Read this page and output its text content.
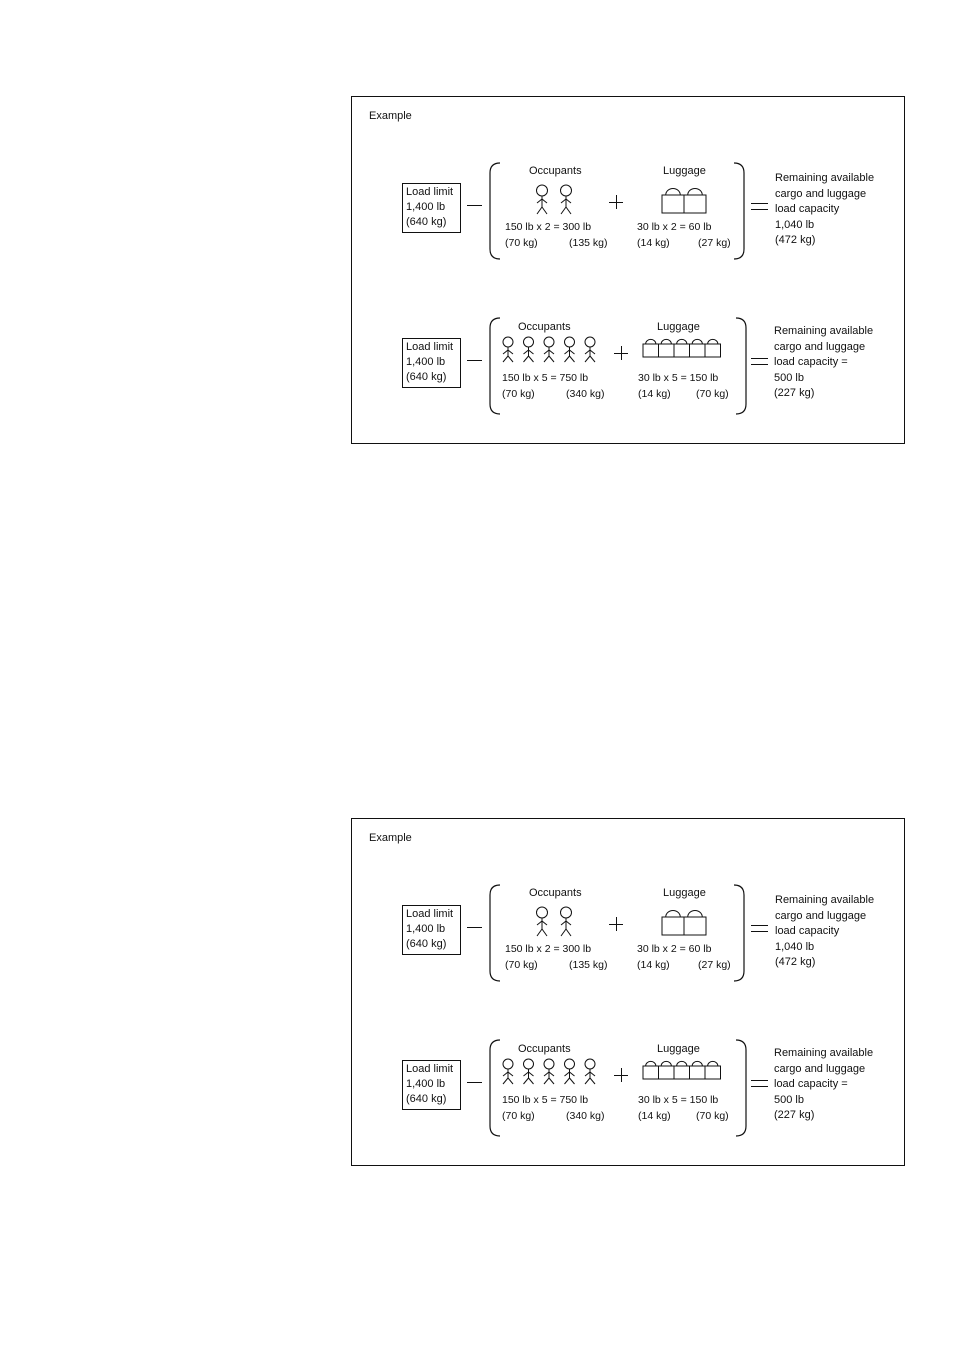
Example
Load limit
1,400 lb
(640 kg)
Occupants
150 lb x 2 = 300 lb
(70 kg)	(135 kg)
Luggage
30 lb x 2 = 60 lb
(14 kg)	(27 kg)
Remaining available
cargo and luggage
load capacity
1,040 lb
(472 kg)
Load limit
1,400 lb
(640 kg)
Occupants
150 lb x 5 = 750 lb
(70 kg)	(340 kg)
Luggage
30 lb x 5 = 150 lb
(14 kg) (70 kg)
Remaining available
cargo and luggage
load capacity =
500 lb
(227 kg)
Example
Load limit
1,400 lb
(640 kg)
Occupants
150 lb x 2 = 300 lb
(70 kg)	(135 kg)
Luggage
30 lb x 2 = 60 lb
(14 kg)	(27 kg)
Remaining available
cargo and luggage
load capacity
1,040 lb
(472 kg)
Load limit
1,400 lb
(640 kg)
Occupants
150 lb x 5 = 750 lb
(70 kg)	(340 kg)
Luggage
30 lb x 5 = 150 lb
(14 kg) (70 kg)
Remaining available
cargo and luggage
load capacity =
500 lb
(227 kg)
